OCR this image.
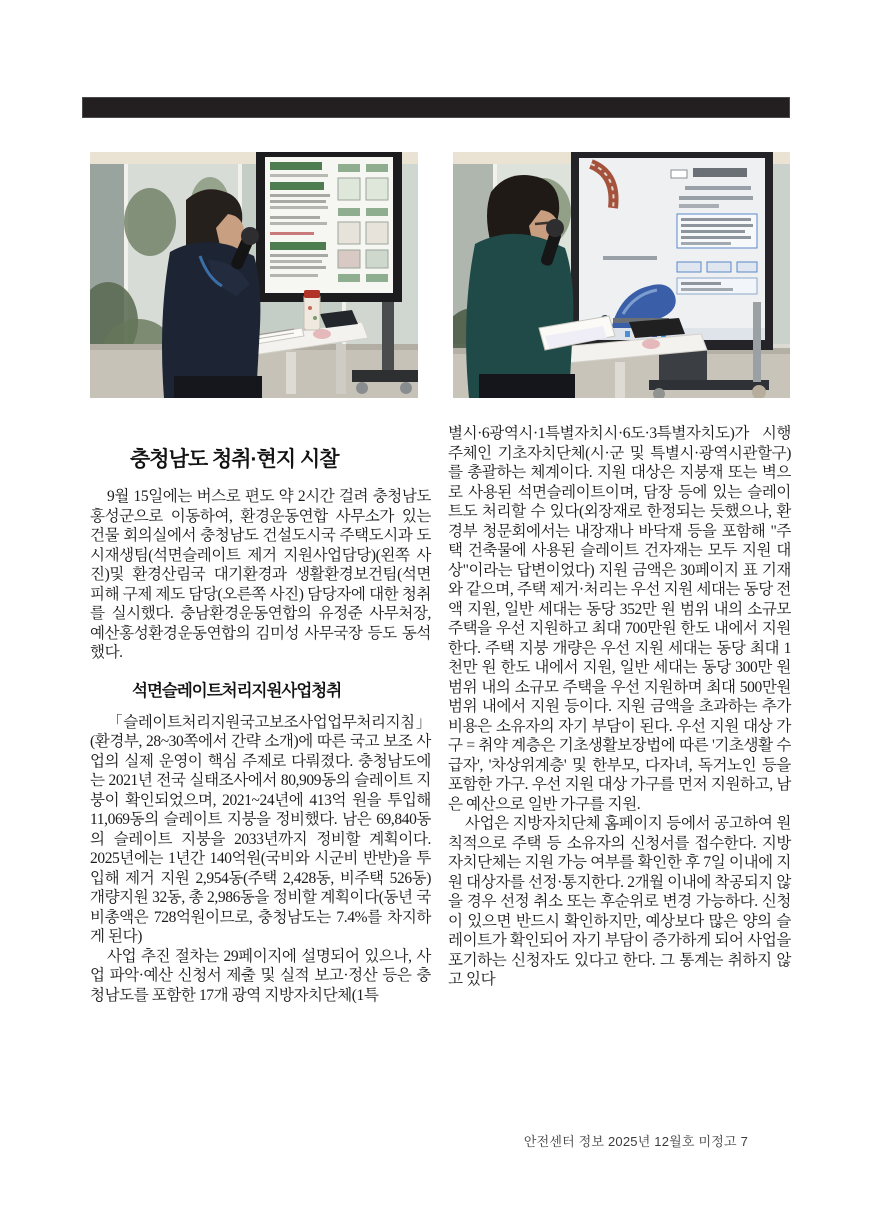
충청남도 청취·현지 시찰

9월 15일에는 버스로 편도 약 2시간 걸려 충청남도 홍성군으로 이동하여, 환경운동연합 사무소가 있는 건물 회의실에서 충청남도 건설도시국 주택도시과 도시재생팀(석면슬레이트 제거 지원사업담당)(왼쪽 사진)및 환경산림국 대기환경과 생활환경보건팀(석면 피해 구제 제도 담당(오른쪽 사진) 담당자에 대한 청취를 실시했다. 충남환경운동연합의 유정준 사무처장, 예산홍성환경운동연합의 김미성 사무국장 등도 동석했다.

석면슬레이트처리지원사업청취

「슬레이트처리지원국고보조사업업무처리지침」(환경부, 28~30쪽에서 간략 소개)에 따른 국고 보조 사업의 실제 운영이 핵심 주제로 다뤄졌다. 충청남도에는 2021년 전국 실태조사에서 80,909동의 슬레이트 지붕이 확인되었으며, 2021~24년에 413억 원을 투입해 11,069동의 슬레이트 지붕을 정비했다. 남은 69,840동의 슬레이트 지붕을 2033년까지 정비할 계획이다. 2025년에는 1년간 140억원(국비와 시군비 반반)을 투입해 제거 지원 2,954동(주택 2,428동, 비주택 526동) 개량지원 32동, 총 2,986동을 정비할 계획이다(동년 국비총액은 728억원이므로, 충청남도는 7.4%를 차지하게 된다)

사업 추진 절차는 29페이지에 설명되어 있으나, 사업 파악·예산 신청서 제출 및 실적 보고·정산 등은 충청남도를 포함한 17개 광역 지방자치단체(1특

별시·6광역시·1특별자치시·6도·3특별자치도)가 시행 주체인 기초자치단체(시·군 및 특별시·광역시관할구)를 총괄하는 체계이다. 지원 대상은 지붕재 또는 벽으로 사용된 석면슬레이트이며, 담장 등에 있는 슬레이트도 처리할 수 있다(외장재로 한정되는 듯했으나, 환경부 청문회에서는 내장재나 바닥재 등을 포함해 "주택 건축물에 사용된 슬레이트 건자재는 모두 지원 대상"이라는 답변이었다) 지원 금액은 30페이지 표 기재와 같으며, 주택 제거·처리는 우선 지원 세대는 동당 전액 지원, 일반 세대는 동당 352만 원 범위 내의 소규모 주택을 우선 지원하고 최대 700만원 한도 내에서 지원한다. 주택 지붕 개량은 우선 지원 세대는 동당 최대 1천만 원 한도 내에서 지원, 일반 세대는 동당 300만 원 범위 내의 소규모 주택을 우선 지원하며 최대 500만원 범위 내에서 지원 등이다. 지원 금액을 초과하는 추가 비용은 소유자의 자기 부담이 된다. 우선 지원 대상 가구 = 취약 계층은 기초생활보장법에 따른 '기초생활 수급자', '차상위계층' 및 한부모, 다자녀, 독거노인 등을 포함한 가구. 우선 지원 대상 가구를 먼저 지원하고, 남은 예산으로 일반 가구를 지원.

사업은 지방자치단체 홈페이지 등에서 공고하여 원칙적으로 주택 등 소유자의 신청서를 접수한다. 지방자치단체는 지원 가능 여부를 확인한 후 7일 이내에 지원 대상자를 선정·통지한다. 2개월 이내에 착공되지 않을 경우 선정 취소 또는 후순위로 변경 가능하다. 신청이 있으면 반드시 확인하지만, 예상보다 많은 양의 슬레이트가 확인되어 자기 부담이 증가하게 되어 사업을 포기하는 신청자도 있다고 한다. 그 통계는 취하지 않고 있다

안전센터 정보 2025년 12월호 미정고 7
